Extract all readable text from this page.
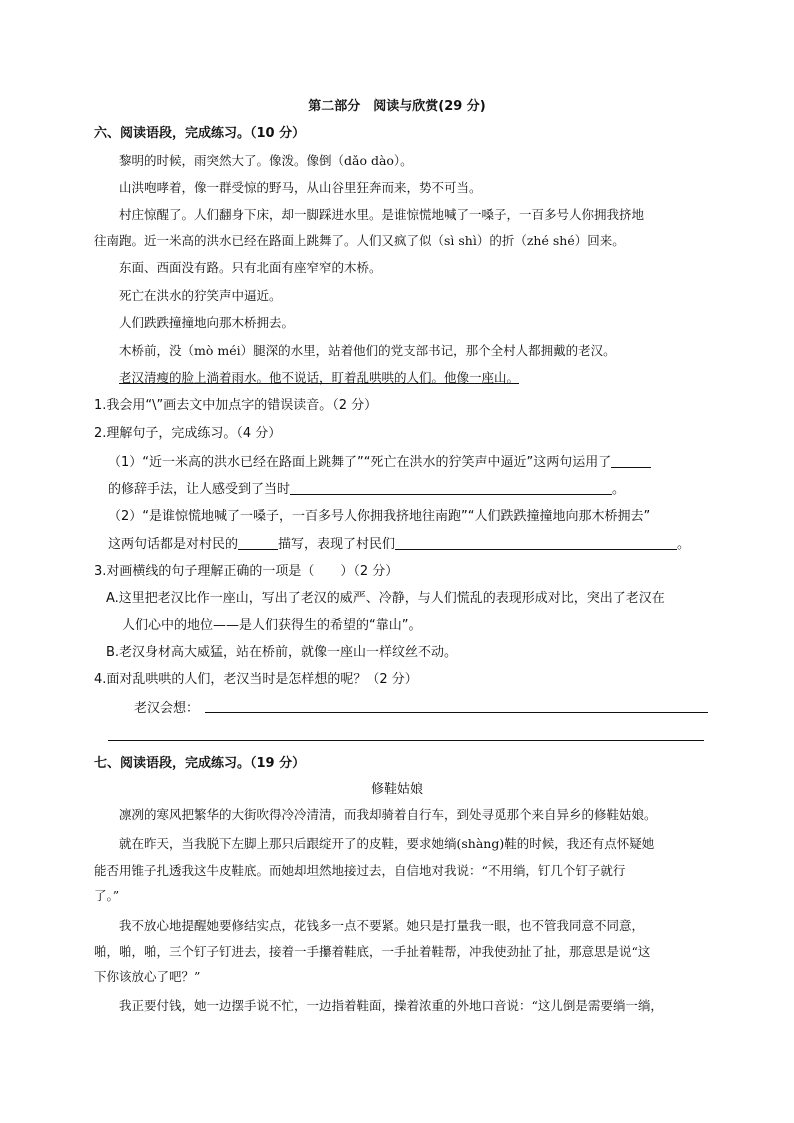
第二部分　阅读与欣赏(29 分)
六、阅读语段，完成练习。（10 分）
黎明的时候，雨突然大了。像泼。像倒（dǎo dào）。
山洪咆哮着，像一群受惊的野马，从山谷里狂奔而来，势不可当。
村庄惊醒了。人们翻身下床，却一脚踩进水里。是谁惊慌地喊了一嗓子，一百多号人你拥我挤地
往南跑。近一米高的洪水已经在路面上跳舞了。人们又疯了似（sì shì）的折（zhé shé）回来。
东面、西面没有路。只有北面有座窄窄的木桥。
死亡在洪水的狞笑声中逼近。
人们跌跌撞撞地向那木桥拥去。
木桥前，没（mò méi）腿深的水里，站着他们的党支部书记，那个全村人都拥戴的老汉。
老汉清瘦的脸上淌着雨水。他不说话，盯着乱哄哄的人们。他像一座山。
1.我会用“\”画去文中加点字的错误读音。（2 分）
2.理解句子，完成练习。（4 分）
（1）“近一米高的洪水已经在路面上跳舞了”“死亡在洪水的狞笑声中逼近”这两句运用了
的修辞手法，让人感受到了当时	。
（2）“是谁惊慌地喊了一嗓子，一百多号人你拥我挤地往南跑”“人们跌跌撞撞地向那木桥拥去”
这两句话都是对村民的	描写，表现了村民们	。
3.对画横线的句子理解正确的一项是（　　）（2 分）
A.这里把老汉比作一座山，写出了老汉的威严、冷静，与人们慌乱的表现形成对比，突出了老汉在
人们心中的地位——是人们获得生的希望的“靠山”。
B.老汉身材高大威猛，站在桥前，就像一座山一样纹丝不动。
4.面对乱哄哄的人们，老汉当时是怎样想的呢？（2 分）
老汉会想：
七、阅读语段，完成练习。（19 分）
修鞋姑娘
凛冽的寒风把繁华的大街吹得冷冷清清，而我却骑着自行车，到处寻觅那个来自异乡的修鞋姑娘。
就在昨天，当我脱下左脚上那只后跟绽开了的皮鞋，要求她绱(shàng)鞋的时候，我还有点怀疑她
能否用锥子扎透我这牛皮鞋底。而她却坦然地接过去，自信地对我说：“不用绱，钉几个钉子就行
了。”
我不放心地提醒她要修结实点，花钱多一点不要紧。她只是打量我一眼，也不管我同意不同意，
啪，啪，啪，三个钉子钉进去，接着一手攥着鞋底，一手扯着鞋帮，冲我使劲扯了扯，那意思是说“这
下你该放心了吧？”
我正要付钱，她一边摆手说不忙，一边指着鞋面，操着浓重的外地口音说：“这儿倒是需要绱一绱，
